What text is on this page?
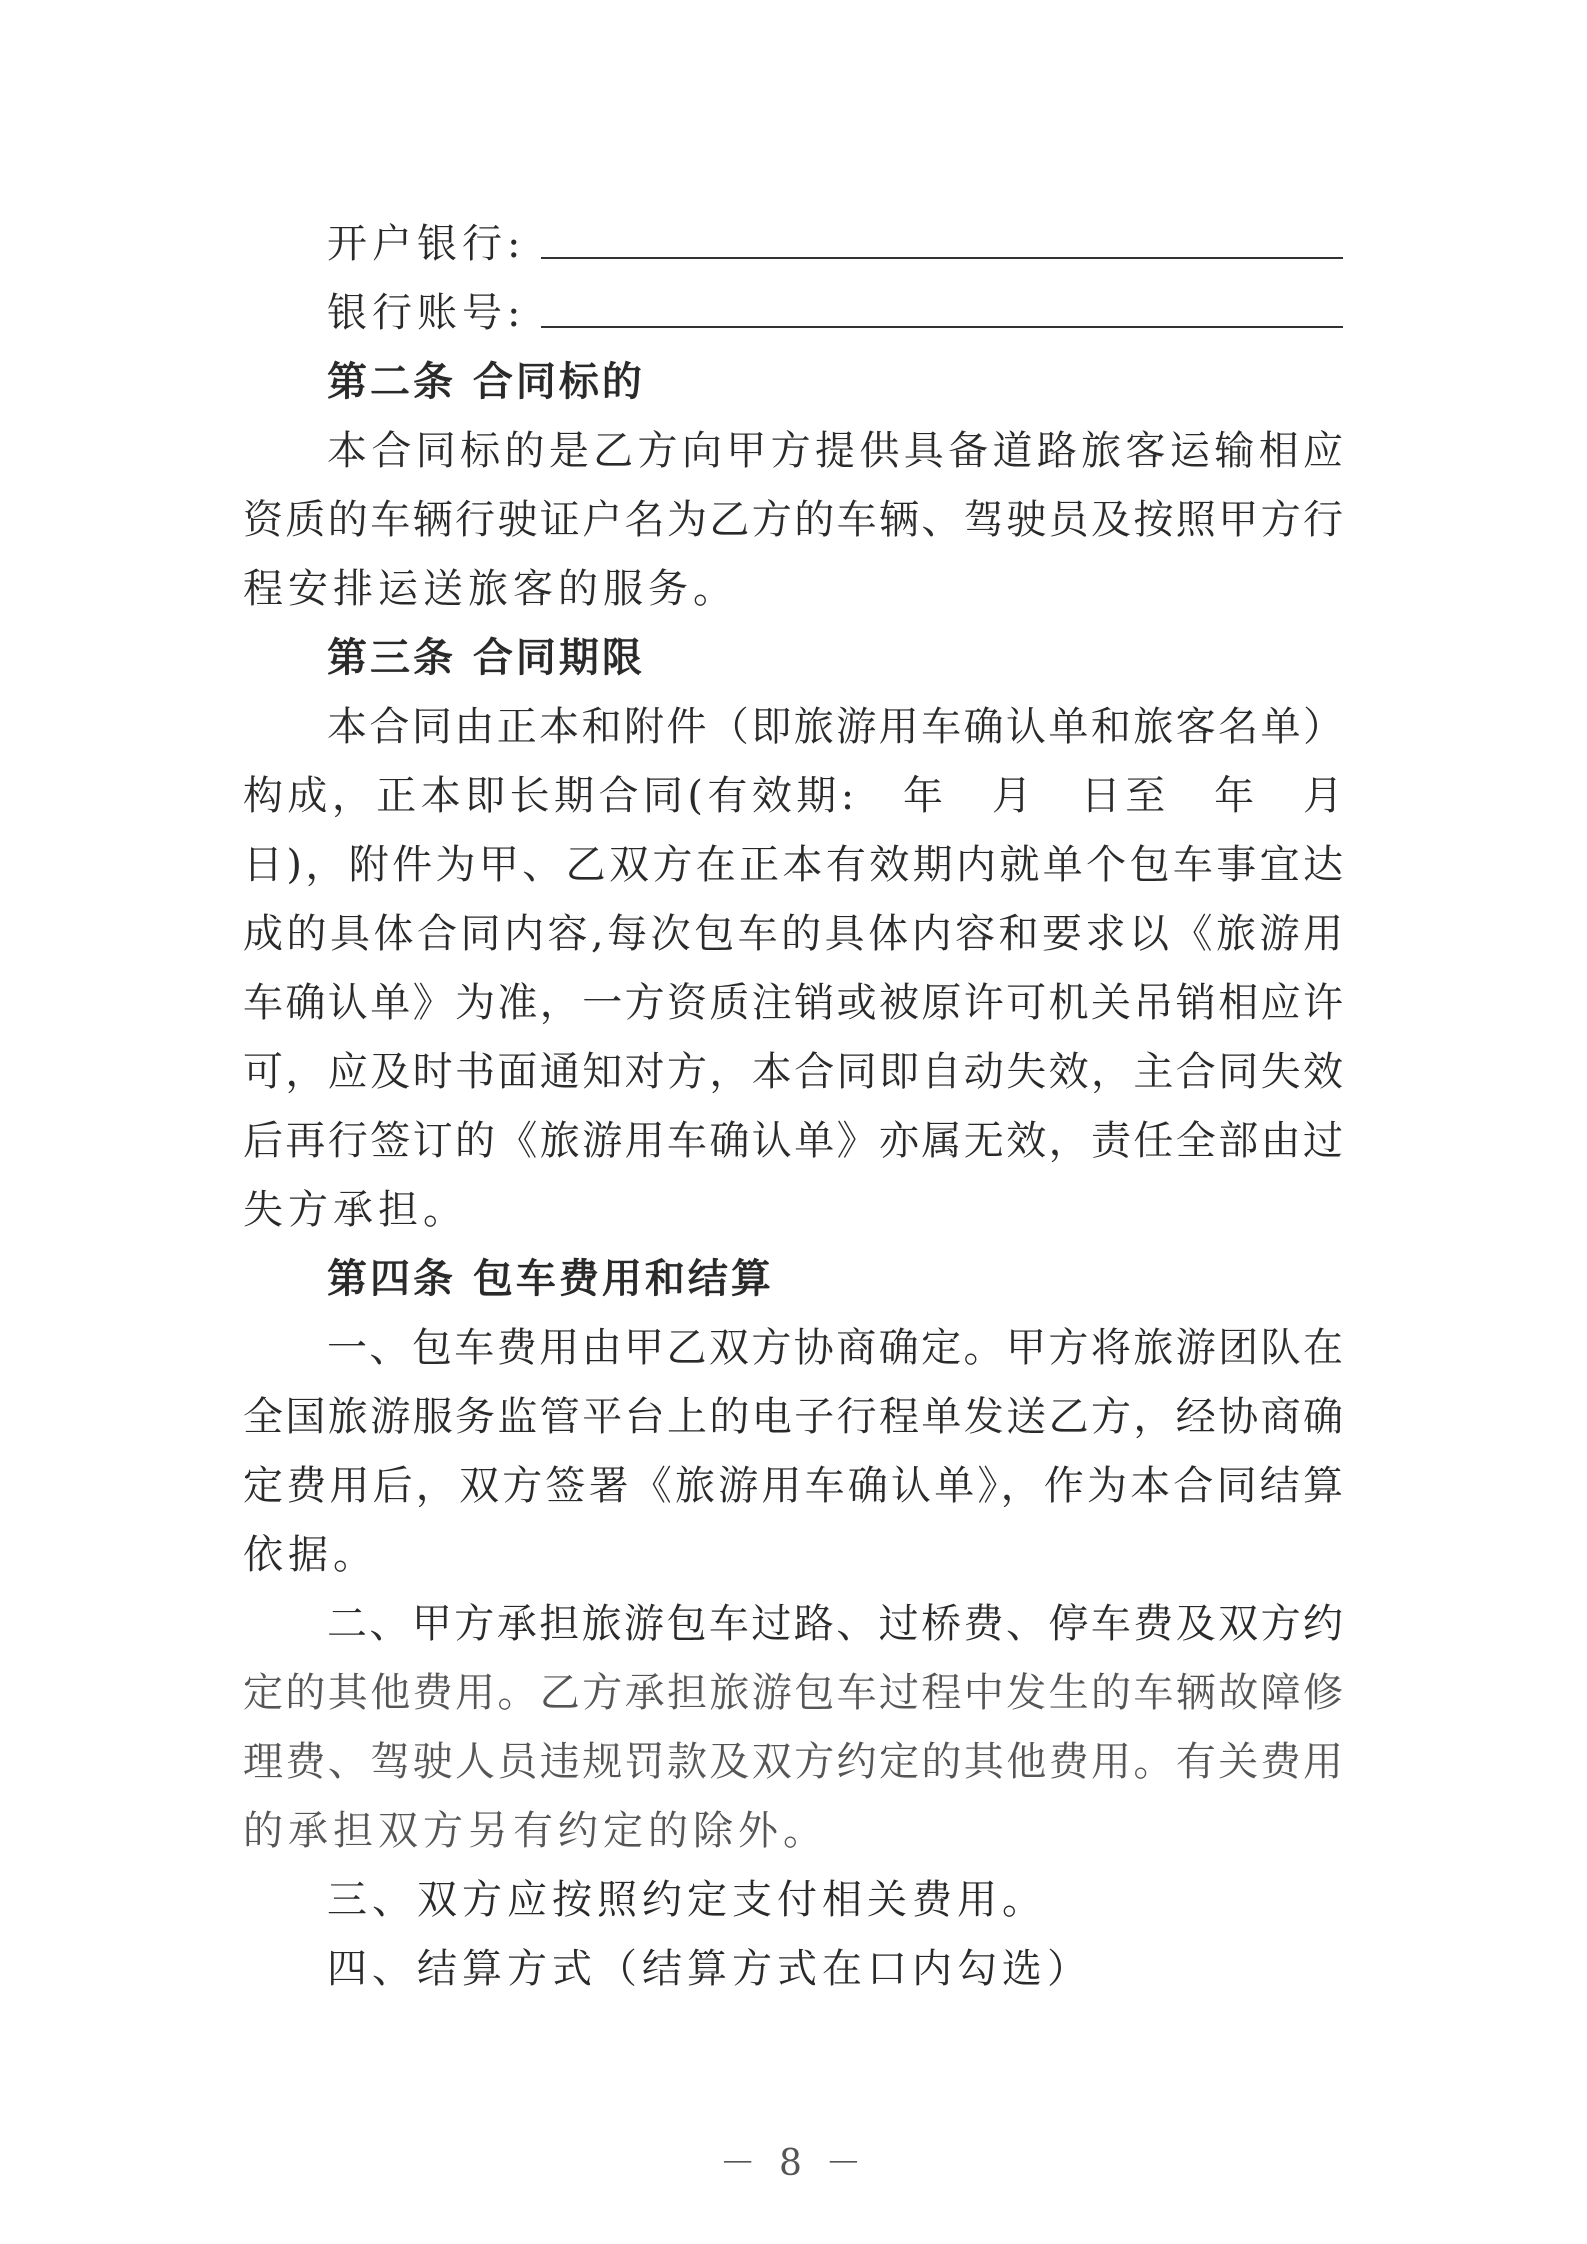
开户银行:
银行账号:
第二条 合同标的
本合同标的是乙方向甲方提供具备道路旅客运输相应
资质的车辆行驶证户名为乙方的车辆、驾驶员及按照甲方行
程安排运送旅客的服务。
第三条 合同期限
本合同由正本和附件（即旅游用车确认单和旅客名单）
构成，正本即长期合同(有效期:　年　月　日至　年　月
日)，附件为甲、乙双方在正本有效期内就单个包车事宜达
成的具体合同内容,每次包车的具体内容和要求以《旅游用
车确认单》为准，一方资质注销或被原许可机关吊销相应许
可，应及时书面通知对方，本合同即自动失效，主合同失效
后再行签订的《旅游用车确认单》亦属无效，责任全部由过
失方承担。
第四条 包车费用和结算
一、包车费用由甲乙双方协商确定。甲方将旅游团队在
全国旅游服务监管平台上的电子行程单发送乙方，经协商确
定费用后，双方签署《旅游用车确认单》，作为本合同结算
依据。
二、甲方承担旅游包车过路、过桥费、停车费及双方约
定的其他费用。乙方承担旅游包车过程中发生的车辆故障修
理费、驾驶人员违规罚款及双方约定的其他费用。有关费用
的承担双方另有约定的除外。
三、双方应按照约定支付相关费用。
四、结算方式（结算方式在口内勾选）
－ 8 －
